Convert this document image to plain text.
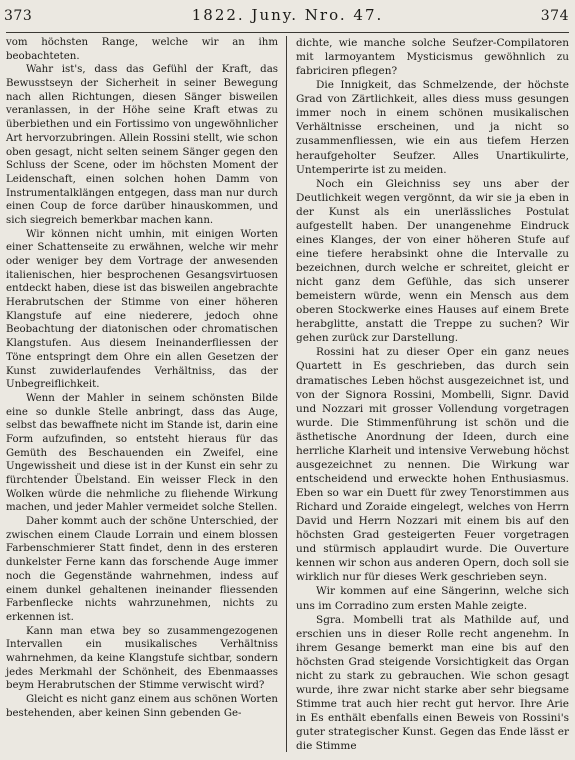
373	1822. Juny. Nro. 47.	374

vom höchsten Range, welche wir an ihm beobachteten.

Wahr ist's, dass das Gefühl der Kraft, das Bewusstseyn der Sicherheit in seiner Bewegung nach allen Richtungen, diesen Sänger bisweilen veranlassen, in der Höhe seine Kraft etwas zu überbiethen und ein Fortissimo von ungewöhnlicher Art hervorzubringen. Allein Rossini stellt, wie schon oben gesagt, nicht selten seinem Sänger gegen den Schluss der Scene, oder im höchsten Moment der Leidenschaft, einen solchen hohen Damm von Instrumentalklängen entgegen, dass man nur durch einen Coup de force darüber hinauskommen, und sich siegreich bemerkbar machen kann.

Wir können nicht umhin, mit einigen Worten einer Schattenseite zu erwähnen, welche wir mehr oder weniger bey dem Vortrage der anwesenden italienischen, hier besprochenen Gesangsvirtuosen entdeckt haben, diese ist das bisweilen angebrachte Herabrutschen der Stimme von einer höheren Klangstufe auf eine niederere, jedoch ohne Beobachtung der diatonischen oder chromatischen Klangstufen. Aus diesem Ineinanderfliessen der Töne entspringt dem Ohre ein allen Gesetzen der Kunst zuwiderlaufendes Verhältniss, das der Unbegreiflichkeit.

Wenn der Mahler in seinem schönsten Bilde eine so dunkle Stelle anbringt, dass das Auge, selbst das bewaffnete nicht im Stande ist, darin eine Form aufzufinden, so entsteht hieraus für das Gemüth des Beschauenden ein Zweifel, eine Ungewissheit und diese ist in der Kunst ein sehr zu fürchtender Übelstand. Ein weisser Fleck in den Wolken würde die nehmliche zu fliehende Wirkung machen, und jeder Mahler vermeidet solche Stellen.

Daher kommt auch der schöne Unterschied, der zwischen einem Claude Lorrain und einem blossen Farbenschmierer Statt findet, denn in des ersteren dunkelster Ferne kann das forschende Auge immer noch die Gegenstände wahrnehmen, indess auf einem dunkel gehaltenen ineinander fliessenden Farbenflecke nichts wahrzunehmen, nichts zu erkennen ist.

Kann man etwa bey so zusammengezogenen Intervallen ein musikalisches Verhältniss wahrnehmen, da keine Klangstufe sichtbar, sondern jedes Merkmahl der Schönheit, des Ebenmaasses beym Herabrutschen der Stimme verwischt wird?

Gleicht es nicht ganz einem aus schönen Worten bestehenden, aber keinen Sinn gebenden Ge-

dichte, wie manche solche Seufzer-Compilatoren mit larmoyantem Mysticismus gewöhnlich zu fabriciren pflegen?

Die Innigkeit, das Schmelzende, der höchste Grad von Zärtlichkeit, alles diess muss gesungen immer noch in einem schönen musikalischen Verhältnisse erscheinen, und ja nicht so zusammenfliessen, wie ein aus tiefem Herzen heraufgeholter Seufzer. Alles Unartikulirte, Untemperirte ist zu meiden.

Noch ein Gleichniss sey uns aber der Deutlichkeit wegen vergönnt, da wir sie ja eben in der Kunst als ein unerlässliches Postulat aufgestellt haben. Der unangenehme Eindruck eines Klanges, der von einer höheren Stufe auf eine tiefere herabsinkt ohne die Intervalle zu bezeichnen, durch welche er schreitet, gleicht er nicht ganz dem Gefühle, das sich unserer bemeistern würde, wenn ein Mensch aus dem oberen Stockwerke eines Hauses auf einem Brete herabglitte, anstatt die Treppe zu suchen? Wir gehen zurück zur Darstellung.

Rossini hat zu dieser Oper ein ganz neues Quartett in Es geschrieben, das durch sein dramatisches Leben höchst ausgezeichnet ist, und von der Signora Rossini, Mombelli, Signr. David und Nozzari mit grosser Vollendung vorgetragen wurde. Die Stimmenführung ist schön und die ästhetische Anordnung der Ideen, durch eine herrliche Klarheit und intensive Verwebung höchst ausgezeichnet zu nennen. Die Wirkung war entscheidend und erweckte hohen Enthusiasmus. Eben so war ein Duett für zwey Tenorstimmen aus Richard und Zoraide eingelegt, welches von Herrn David und Herrn Nozzari mit einem bis auf den höchsten Grad gesteigerten Feuer vorgetragen und stürmisch applaudirt wurde. Die Ouverture kennen wir schon aus anderen Opern, doch soll sie wirklich nur für dieses Werk geschrieben seyn.

Wir kommen auf eine Sängerinn, welche sich uns im Corradino zum ersten Mahle zeigte.

Sgra. Mombelli trat als Mathilde auf, und erschien uns in dieser Rolle recht angenehm. In ihrem Gesange bemerkt man eine bis auf den höchsten Grad steigende Vorsichtigkeit das Organ nicht zu stark zu gebrauchen. Wie schon gesagt wurde, ihre zwar nicht starke aber sehr biegsame Stimme trat auch hier recht gut hervor. Ihre Arie in Es enthält ebenfalls einen Beweis von Rossini's guter strategischer Kunst. Gegen das Ende lässt er die Stimme
